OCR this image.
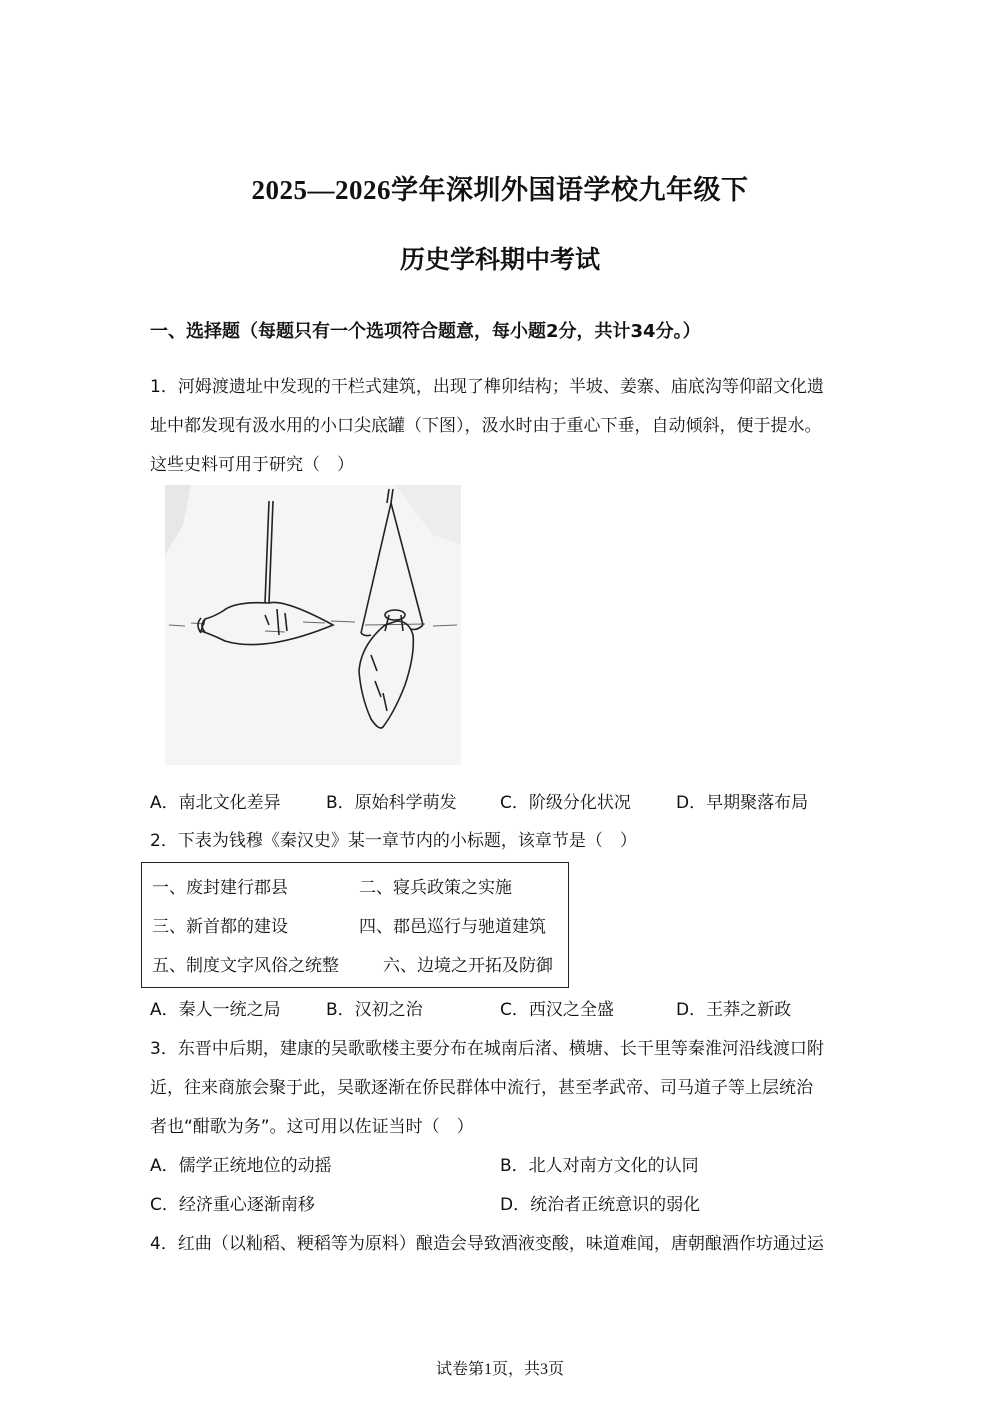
2025—2026学年深圳外国语学校九年级下
历史学科期中考试
一、选择题（每题只有一个选项符合题意，每小题2分，共计34分。）
1．河姆渡遗址中发现的干栏式建筑，出现了榫卯结构；半坡、姜寨、庙底沟等仰韶文化遗
址中都发现有汲水用的小口尖底罐（下图），汲水时由于重心下垂，自动倾斜，便于提水。
这些史料可用于研究（　）
A．南北文化差异	B．原始科学萌发	C．阶级分化状况	D．早期聚落布局
2．下表为钱穆《秦汉史》某一章节内的小标题，该章节是（　）
一、废封建行郡县	二、寝兵政策之实施
三、新首都的建设	四、郡邑巡行与驰道建筑
五、制度文字风俗之统整	六、边境之开拓及防御
A．秦人一统之局	B．汉初之治	C．西汉之全盛	D．王莽之新政
3．东晋中后期，建康的吴歌歌楼主要分布在城南后渚、横塘、长干里等秦淮河沿线渡口附
近，往来商旅会聚于此，吴歌逐渐在侨民群体中流行，甚至孝武帝、司马道子等上层统治
者也“酣歌为务”。这可用以佐证当时（　）
A．儒学正统地位的动摇	B．北人对南方文化的认同
C．经济重心逐渐南移	D．统治者正统意识的弱化
4．红曲（以籼稻、粳稻等为原料）酿造会导致酒液变酸，味道难闻，唐朝酿酒作坊通过运
试卷第1页，共3页
